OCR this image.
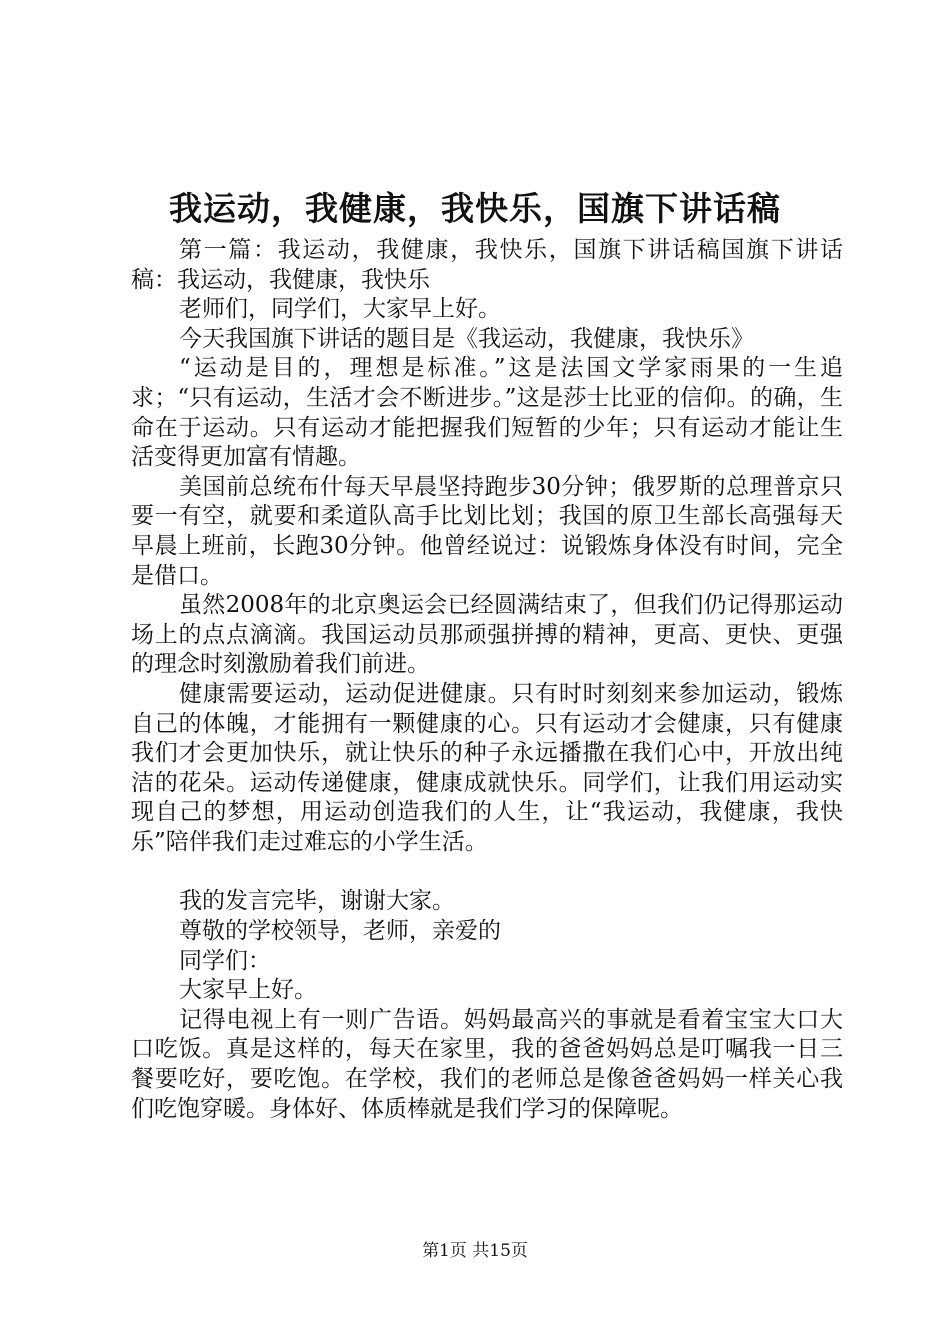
我运动，我健康，我快乐，国旗下讲话稿

第一篇：我运动，我健康，我快乐，国旗下讲话稿国旗下讲话稿：我运动，我健康，我快乐

老师们，同学们，大家早上好。

今天我国旗下讲话的题目是《我运动，我健康，我快乐》

“运动是目的，理想是标准。”这是法国文学家雨果的一生追求；“只有运动，生活才会不断进步。”这是莎士比亚的信仰。的确，生命在于运动。只有运动才能把握我们短暂的少年；只有运动才能让生活变得更加富有情趣。

美国前总统布什每天早晨坚持跑步30分钟；俄罗斯的总理普京只要一有空，就要和柔道队高手比划比划；我国的原卫生部长高强每天早晨上班前，长跑30分钟。他曾经说过：说锻炼身体没有时间，完全是借口。

虽然2008年的北京奥运会已经圆满结束了，但我们仍记得那运动场上的点点滴滴。我国运动员那顽强拼搏的精神，更高、更快、更强的理念时刻激励着我们前进。

健康需要运动，运动促进健康。只有时时刻刻来参加运动，锻炼自己的体魄，才能拥有一颗健康的心。只有运动才会健康，只有健康我们才会更加快乐，就让快乐的种子永远播撒在我们心中，开放出纯洁的花朵。运动传递健康，健康成就快乐。同学们，让我们用运动实现自己的梦想，用运动创造我们的人生，让“我运动，我健康，我快乐”陪伴我们走过难忘的小学生活。

我的发言完毕，谢谢大家。

尊敬的学校领导，老师，亲爱的

同学们：

大家早上好。

记得电视上有一则广告语。妈妈最高兴的事就是看着宝宝大口大口吃饭。真是这样的，每天在家里，我的爸爸妈妈总是叮嘱我一日三餐要吃好，要吃饱。在学校，我们的老师总是像爸爸妈妈一样关心我们吃饱穿暖。身体好、体质棒就是我们学习的保障呢。

第1页 共15页
